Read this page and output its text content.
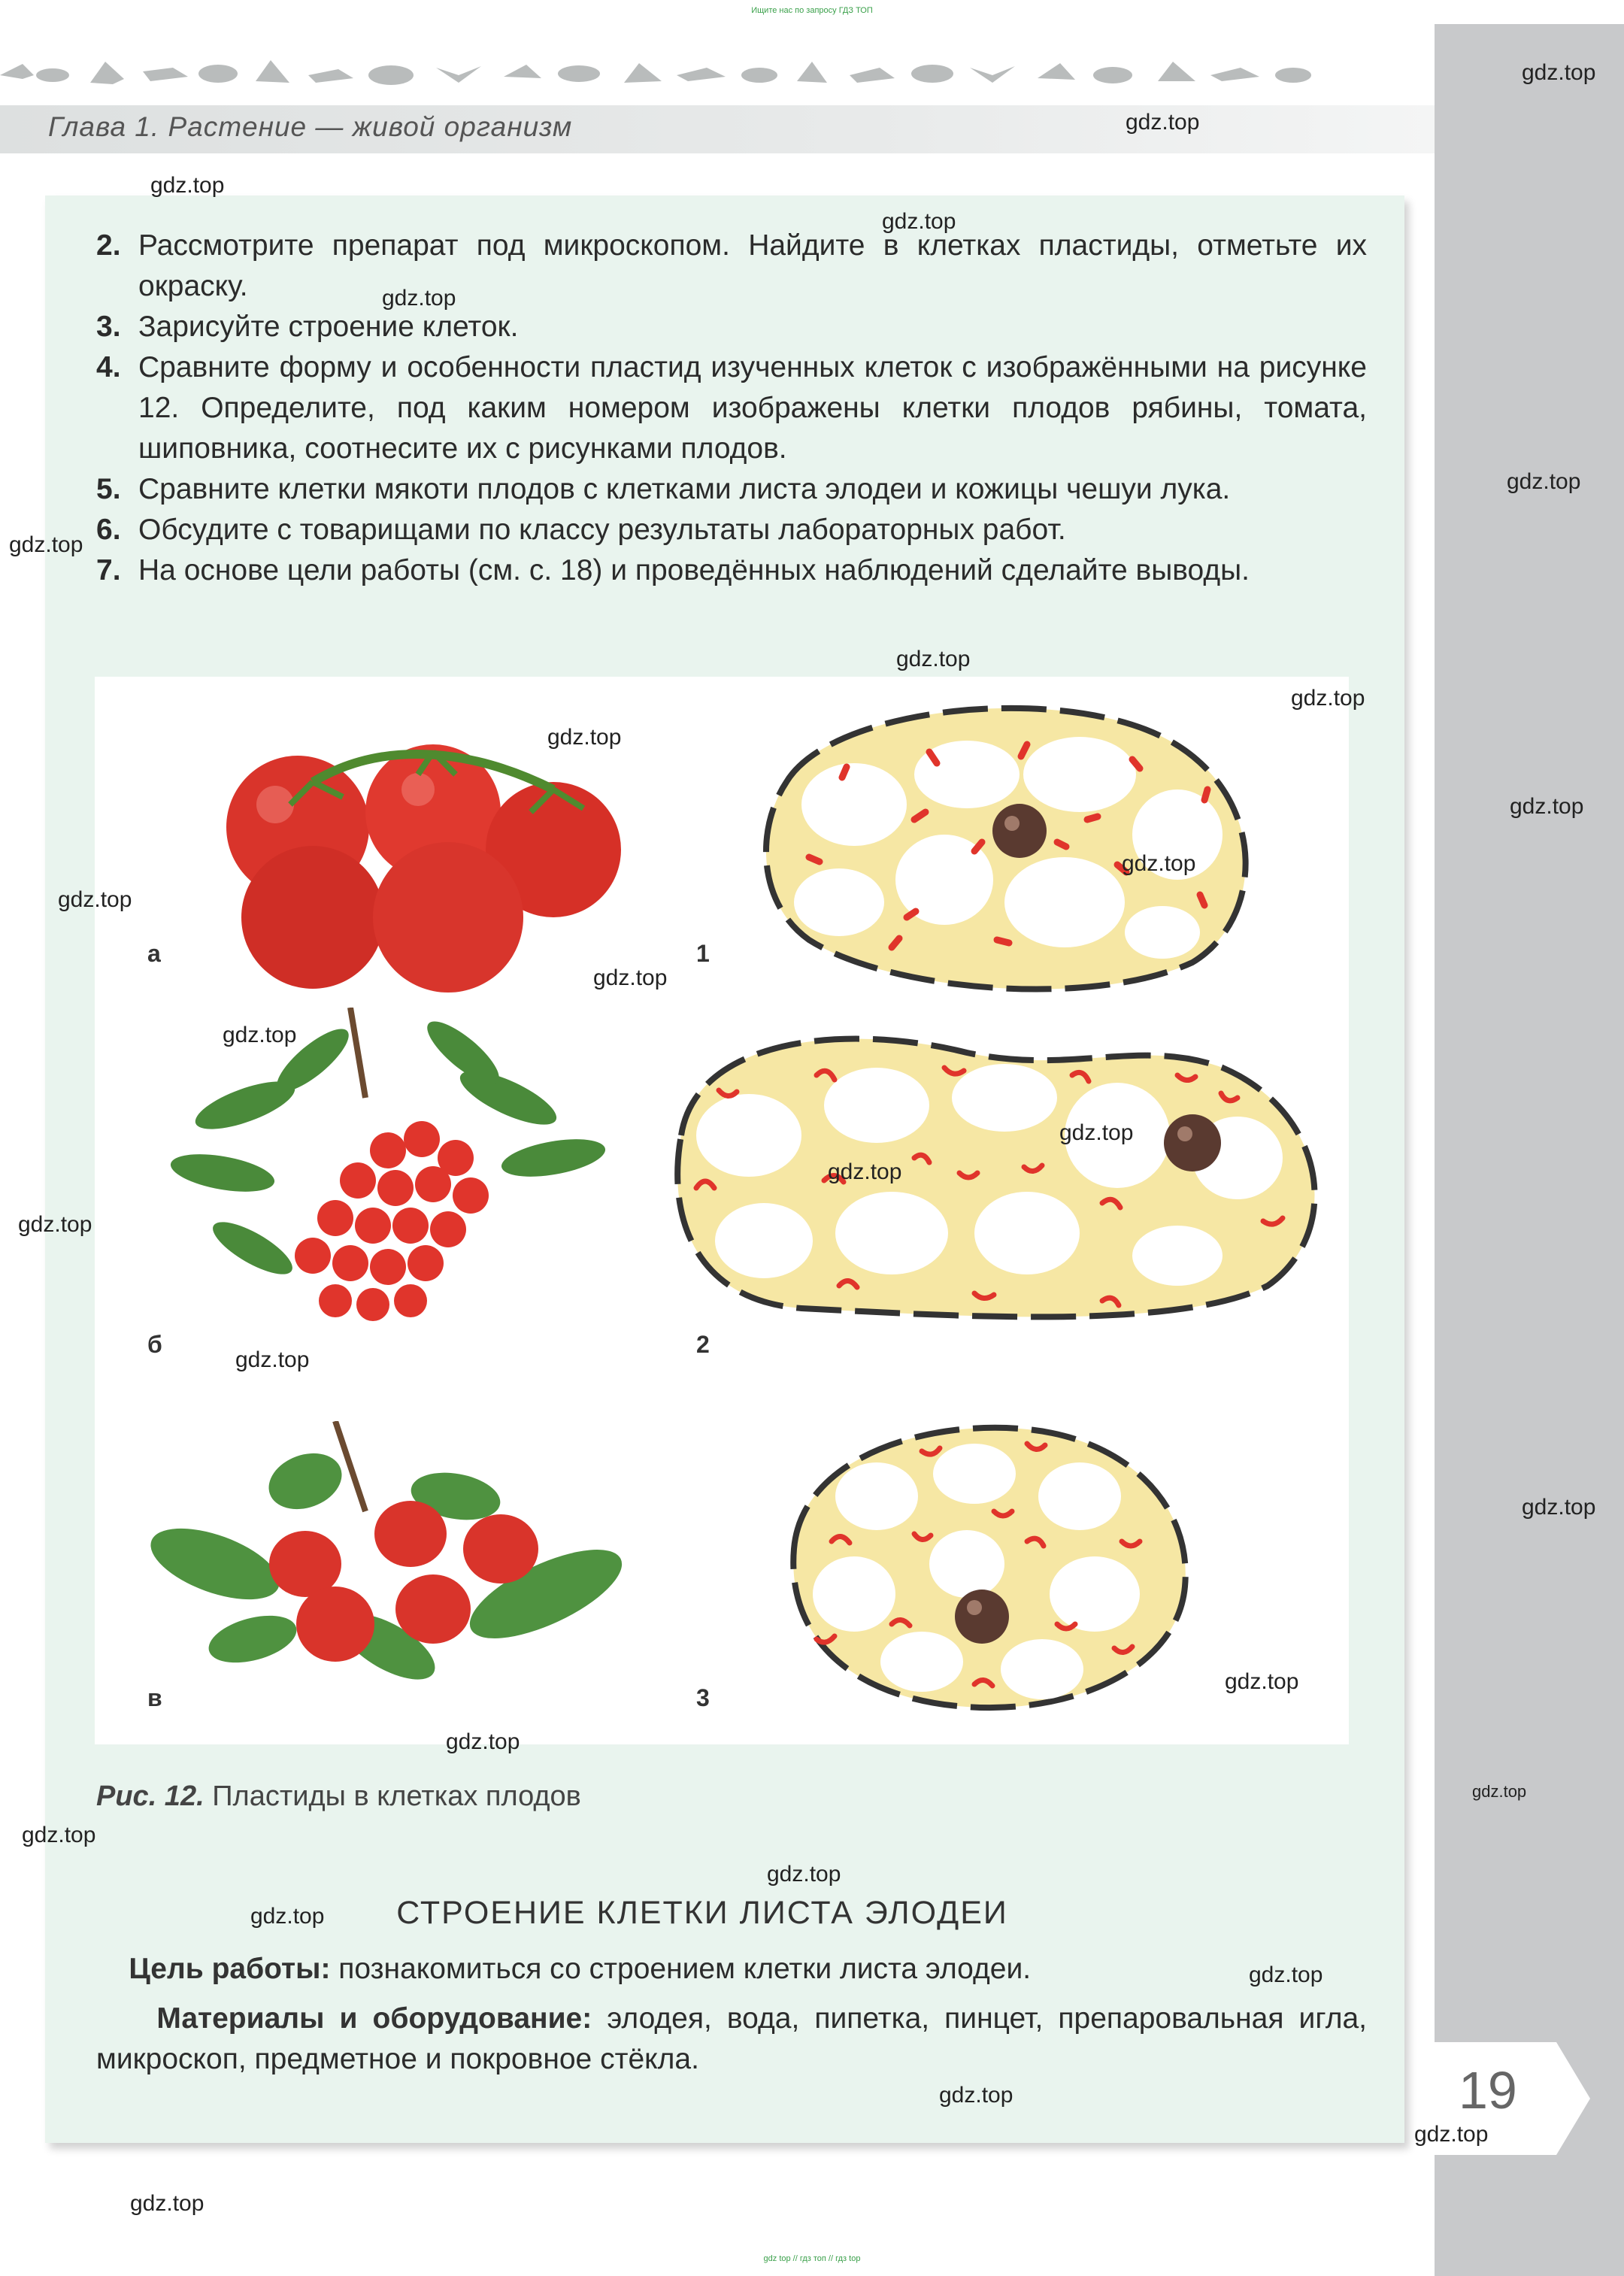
Ищите нас по запросу ГДЗ ТОП
Глава 1. Растение — живой организм
19
2. Рассмотрите препарат под микроскопом. Найдите в клетках пластиды, отметьте их окраску.
3. Зарисуйте строение клеток.
4. Сравните форму и особенности пластид изученных клеток с изображёнными на рисунке 12. Определите, под каким номером изображены клетки плодов рябины, томата, шиповника, соотнесите их с рисунками плодов.
5. Сравните клетки мякоти плодов с клетками листа элодеи и кожицы чешуи лука.
6. Обсудите с товарищами по классу результаты лабораторных работ.
7. На основе цели работы (см. с. 18) и проведённых наблюдений сделайте выводы.
а	1
б	2
в	3
Рис. 12. Пластиды в клетках плодов
СТРОЕНИЕ КЛЕТКИ ЛИСТА ЭЛОДЕИ
Цель работы: познакомиться со строением клетки листа элодеи.
Материалы и оборудование: элодея, вода, пипетка, пинцет, препаровальная игла, микроскоп, предметное и покровное стёкла.
gdz.top
gdz.top
gdz.top
gdz.top
gdz.top
gdz.top
gdz.top
gdz.top
gdz.top
gdz.top
gdz.top
gdz.top
gdz.top
gdz.top
gdz.top
gdz.top
gdz.top
gdz.top
gdz.top
gdz.top
gdz.top
gdz.top
gdz.top
gdz.top
gdz.top
gdz.top
gdz.top
gdz.top
gdz.top
gdz.top
gdz top // гдз топ // гдз top
